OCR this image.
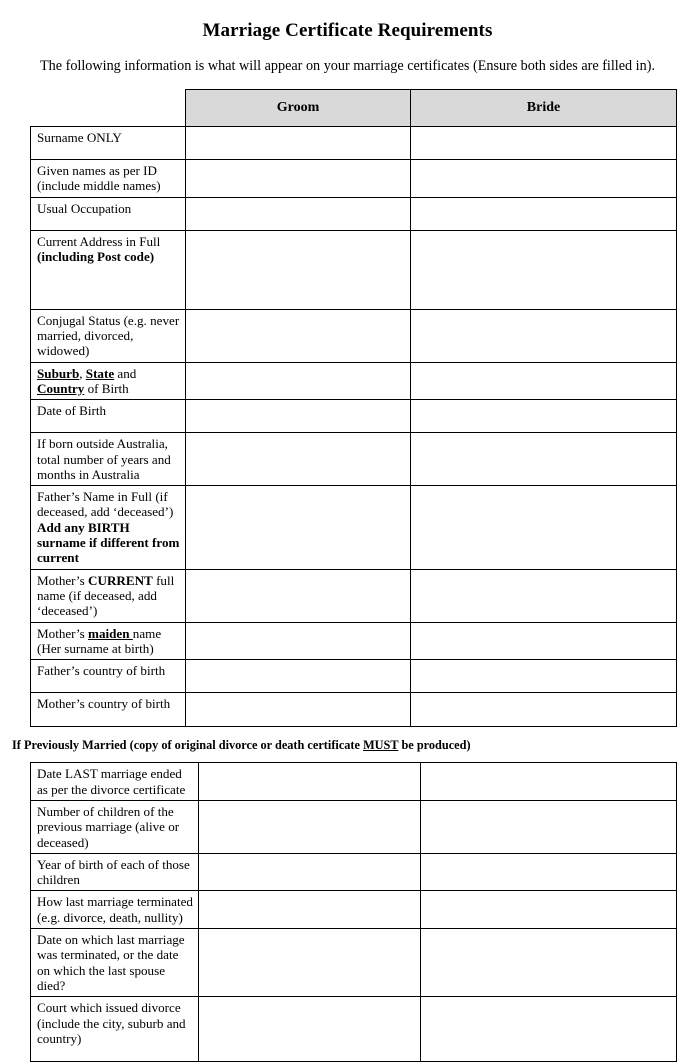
Marriage Certificate Requirements

The following information is what will appear on your marriage certificates (Ensure both sides are filled in).

	Groom	Bride
Surname ONLY		
Given names as per ID (include middle names)		
Usual Occupation		
Current Address in Full (including Post code)		
Conjugal Status (e.g. never married, divorced, widowed)		
Suburb, State and Country of Birth		
Date of Birth		
If born outside Australia, total number of years and months in Australia		
Father’s Name in Full (if deceased, add ‘deceased’) Add any BIRTH surname if different from current		
Mother’s CURRENT full name (if deceased, add ‘deceased’)		
Mother’s maiden name (Her surname at birth)		
Father’s country of birth		
Mother’s country of birth		
If Previously Married (copy of original divorce or death certificate MUST be produced)
Date LAST marriage ended as per the divorce certificate		
Number of children of the previous marriage (alive or deceased)		
Year of birth of each of those children		
How last marriage terminated (e.g. divorce, death, nullity)		
Date on which last marriage was terminated, or the date on which the last spouse died?		
Court which issued divorce (include the city, suburb and country)		
